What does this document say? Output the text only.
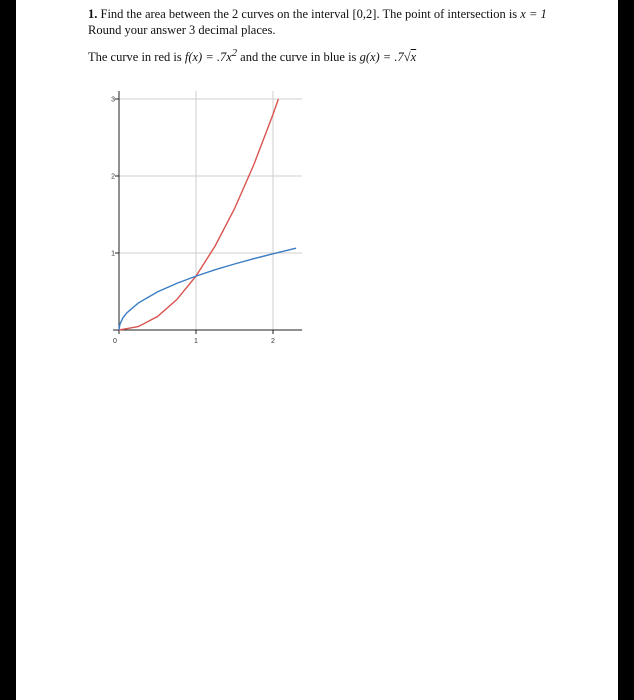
1. Find the area between the 2 curves on the interval [0,2]. The point of intersection is x = 1

Round your answer 3 decimal places.

The curve in red is $f(x) = .7x^2$ and the curve in blue is g(x) = .7√x

0	1	2
1
2
3
